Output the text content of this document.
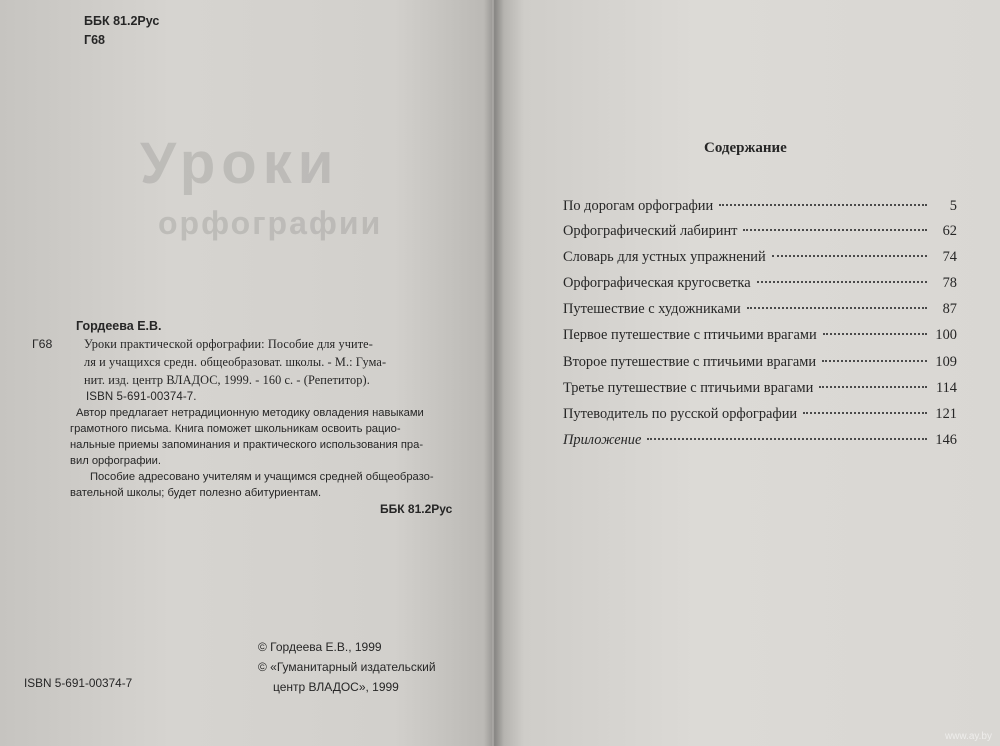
Уроки
орфографии
ББК 81.2Рус
Г68
Гордеева Е.В.
Г68	Уроки практической орфографии: Пособие для учите-
ля и учащихся средн. общеобразоват. школы. - М.: Гума-
нит. изд. центр ВЛАДОС, 1999. - 160 с. - (Репетитор).
ISBN 5-691-00374-7.
Автор предлагает нетрадиционную методику овладения навыками
грамотного письма. Книга поможет школьникам освоить рацио-
нальные приемы запоминания и практического использования пра-
вил орфографии.
Пособие адресовано учителям и учащимся средней общеобразо-
вательной школы; будет полезно абитуриентам.
ББК 81.2Рус
© Гордеева Е.В., 1999
© «Гуманитарный издательский
центр ВЛАДОС», 1999
ISBN 5-691-00374-7
Содержание
По дорогам орфографии	5
Орфографический лабиринт	62
Словарь для устных упражнений	74
Орфографическая кругосветка	78
Путешествие с художниками	87
Первое путешествие с птичьими врагами	100
Второе путешествие с птичьими врагами	109
Третье путешествие с птичьими врагами	114
Путеводитель по русской орфографии	121
Приложение	146
www.ay.by
